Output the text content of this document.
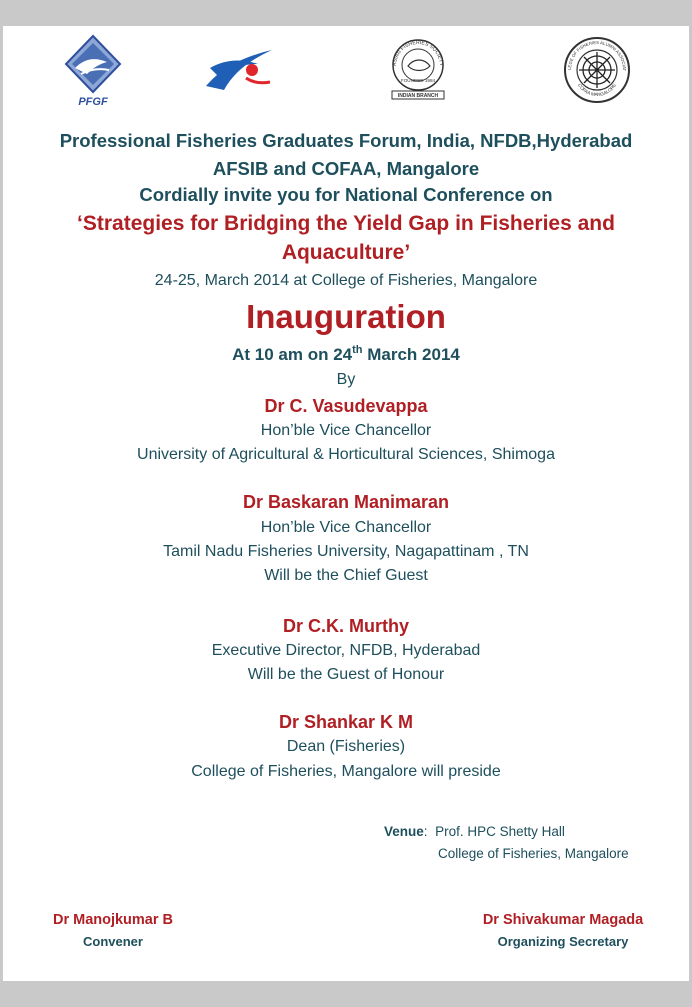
PFGF
ASIAN FISHERIES SOCIETY
FOUNDED 1984
INDIAN BRANCH
LEGE OF FISHERIES ALUMNI ASSOCIAT
COFAA MANGALORE
Professional Fisheries Graduates Forum, India, NFDB,Hyderabad
AFSIB and COFAA, Mangalore
Cordially invite you for National Conference on
‘Strategies for Bridging the Yield Gap in Fisheries and
Aquaculture’
24-25, March 2014 at College of Fisheries, Mangalore
Inauguration
At 10 am on 24th March 2014
By
Dr C. Vasudevappa
Hon’ble Vice Chancellor
University of Agricultural & Horticultural Sciences, Shimoga
Dr Baskaran Manimaran
Hon’ble Vice Chancellor
Tamil Nadu Fisheries University, Nagapattinam , TN
Will be the Chief Guest
Dr C.K. Murthy
Executive Director, NFDB, Hyderabad
Will be the Guest of Honour
Dr Shankar K M
Dean (Fisheries)
College of Fisheries, Mangalore will preside
Venue: Prof. HPC Shetty Hall
College of Fisheries, Mangalore
Dr Manojkumar B
Convener
Dr Shivakumar Magada
Organizing Secretary
